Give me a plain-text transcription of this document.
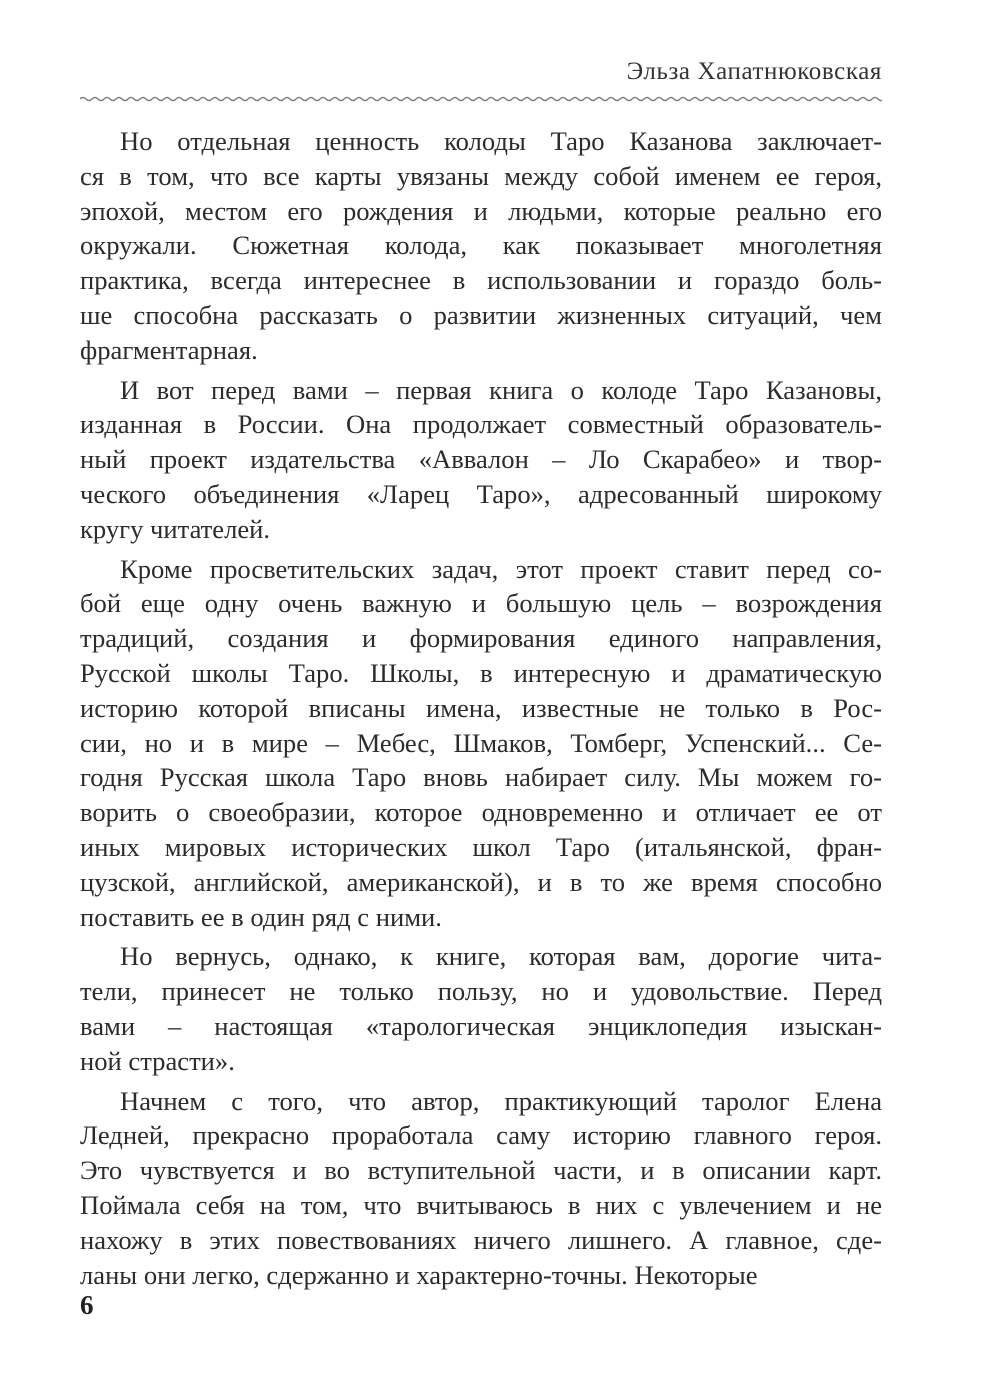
Эльза Хапатнюковская

Но отдельная ценность колоды Таро Казанова заключает-
ся в том, что все карты увязаны между собой именем ее героя,
эпохой, местом его рождения и людьми, которые реально его
окружали. Сюжетная колода, как показывает многолетняя
практика, всегда интереснее в использовании и гораздо боль-
ше способна рассказать о развитии жизненных ситуаций, чем
фрагментарная.

И вот перед вами – первая книга о колоде Таро Казановы,
изданная в России. Она продолжает совместный образователь-
ный проект издательства «Аввалон – Ло Скарабео» и твор-
ческого объединения «Ларец Таро», адресованный широкому
кругу читателей.

Кроме просветительских задач, этот проект ставит перед со-
бой еще одну очень важную и большую цель – возрождения
традиций, создания и формирования единого направления,
Русской школы Таро. Школы, в интересную и драматическую
историю которой вписаны имена, известные не только в Рос-
сии, но и в мире – Мебес, Шмаков, Томберг, Успенский... Се-
годня Русская школа Таро вновь набирает силу. Мы можем го-
ворить о своеобразии, которое одновременно и отличает ее от
иных мировых исторических школ Таро (итальянской, фран-
цузской, английской, американской), и в то же время способно
поставить ее в один ряд с ними.

Но вернусь, однако, к книге, которая вам, дорогие чита-
тели, принесет не только пользу, но и удовольствие. Перед
вами – настоящая «тарологическая энциклопедия изыскан-
ной страсти».

Начнем с того, что автор, практикующий таролог Елена
Ледней, прекрасно проработала саму историю главного героя.
Это чувствуется и во вступительной части, и в описании карт.
Поймала себя на том, что вчитываюсь в них с увлечением и не
нахожу в этих повествованиях ничего лишнего. А главное, сде-
ланы они легко, сдержанно и характерно-точны. Некоторые

6
